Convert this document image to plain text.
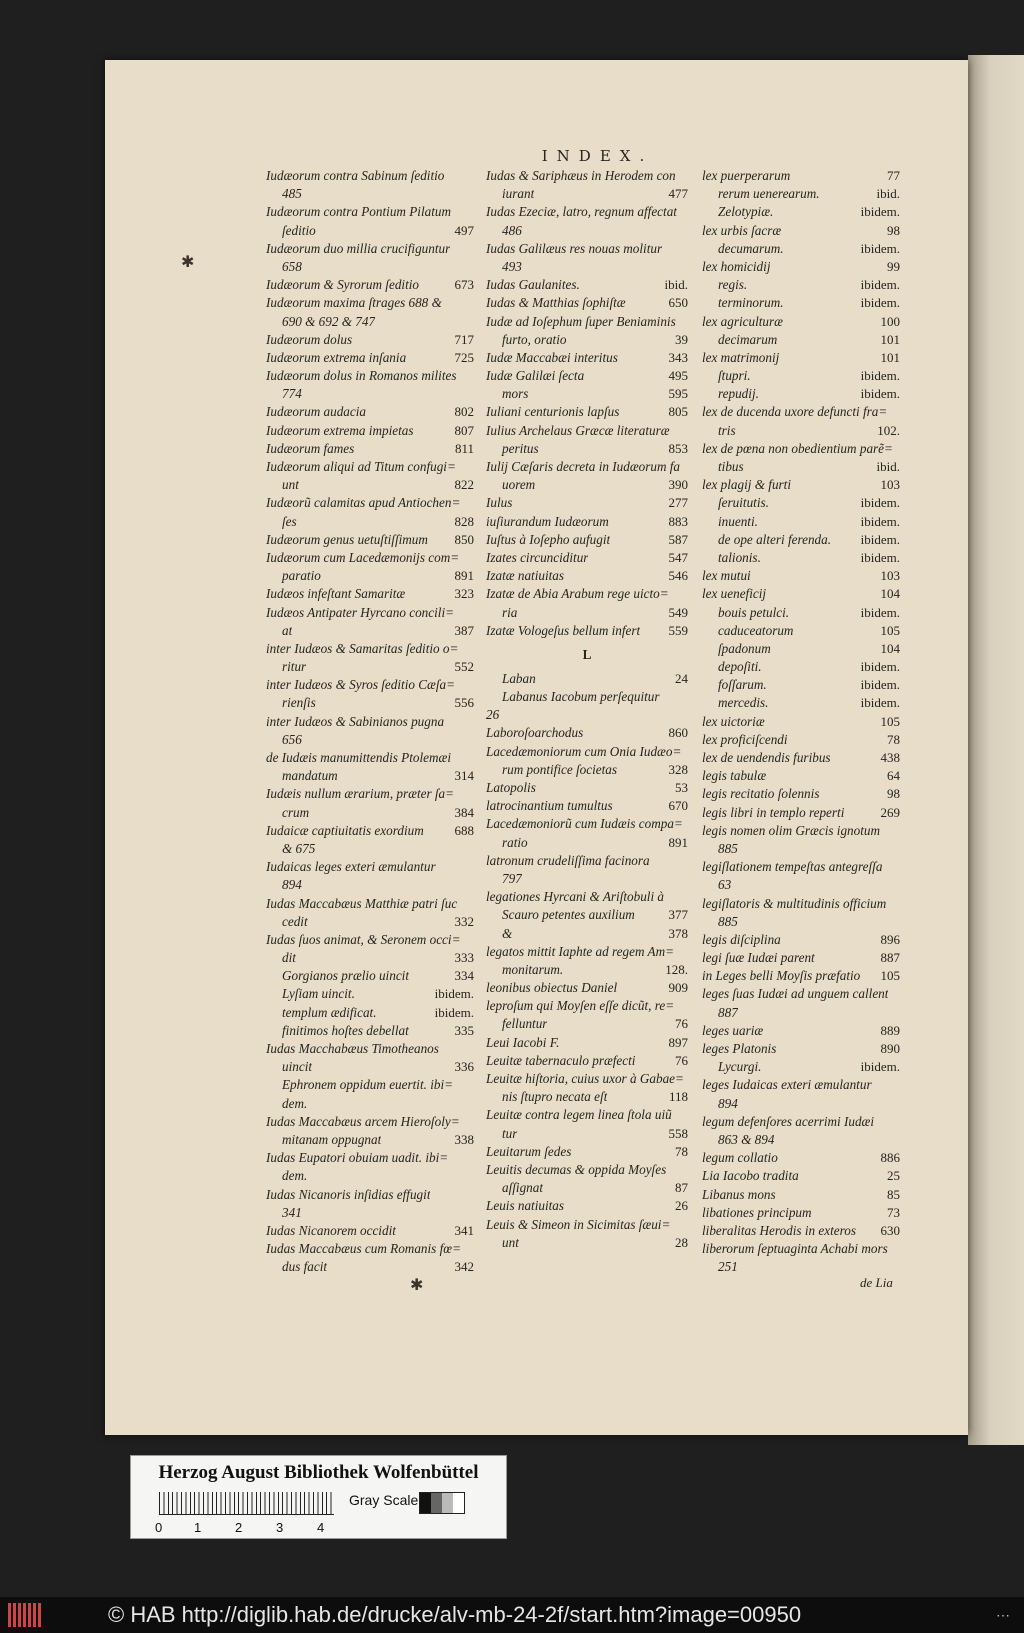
INDEX.
✱
✱
Iudæorum contra Sabinum ſeditio
485
Iudæorum contra Pontium Pilatum
ſeditio	497
Iudæorum duo millia crucifiguntur
658
Iudæorum & Syrorum ſeditio	673
Iudæorum maxima ſtrages 688 &
690 & 692 & 747
Iudæorum dolus	717
Iudæorum extrema inſania	725
Iudæorum dolus in Romanos milites
774
Iudæorum audacia	802
Iudæorum extrema impietas	807
Iudæorum fames	811
Iudæorum aliqui ad Titum confugi=
unt	822
Iudæorũ calamitas apud Antiochen=
ſes	828
Iudæorum genus uetuſtiſſimum	850
Iudæorum cum Lacedæmonijs com=
paratio	891
Iudæos infeſtant Samaritæ	323
Iudæos Antipater Hyrcano concili=
at	387
inter Iudæos & Samaritas ſeditio o=
ritur	552
inter Iudæos & Syros ſeditio Cæſa=
rienſis	556
inter Iudæos & Sabinianos pugna
656
de Iudæis manumittendis Ptolemæi
mandatum	314
Iudæis nullum ærarium, præter ſa=
crum	384
Iudaicæ captiuitatis exordium	688
& 675
Iudaicas leges exteri æmulantur
894
Iudas Maccabæus Matthiæ patri ſuc
cedit	332
Iudas ſuos animat, & Seronem occi=
dit	333
Gorgianos prælio uincit	334
Lyſiam uincit.	ibidem.
templum ædificat.	ibidem.
finitimos hoſtes debellat	335
Iudas Macchabæus Timotheanos
uincit	336
Ephronem oppidum euertit. ibi=
dem.
Iudas Maccabæus arcem Hieroſoly=
mitanam oppugnat	338
Iudas Eupatori obuiam uadit. ibi=
dem.
Iudas Nicanoris inſidias effugit
341
Iudas Nicanorem occidit	341
Iudas Maccabæus cum Romanis fœ=
dus facit	342
Iudas & Sariphæus in Herodem con
iurant	477
Iudas Ezeciæ, latro, regnum affectat
486
Iudas Galilæus res nouas molitur
493
Iudas Gaulanites.	ibid.
Iudas & Matthias ſophiſtæ	650
Iudæ ad Ioſephum ſuper Beniaminis
furto, oratio	39
Iudæ Maccabæi interitus	343
Iudæ Galilæi ſecta	495
mors	595
Iuliani centurionis lapſus	805
Iulius Archelaus Græcæ literaturæ
peritus	853
Iulij Cæſaris decreta in Iudæorum fa
uorem	390
Iulus	277
iuſiurandum Iudæorum	883
Iuſtus à Ioſepho aufugit	587
Izates circunciditur	547
Izatæ natiuitas	546
Izatæ de Abia Arabum rege uicto=
ria	549
Izatæ Vologeſus bellum infert	559
L
Laban	24
Labanus Iacobum perſequitur
26
Laboroſoarchodus	860
Lacedæmoniorum cum Onia Iudæo=
rum pontifice ſocietas	328
Latopolis	53
latrocinantium tumultus	670
Lacedæmoniorũ cum Iudæis compa=
ratio	891
latronum crudeliſſima facinora
797
legationes Hyrcani & Ariſtobuli à
Scauro petentes auxilium	377
&	378
legatos mittit Iaphte ad regem Am=
monitarum.	128.
leonibus obiectus Daniel	909
leproſum qui Moyſen eſſe dicũt, re=
felluntur	76
Leui Iacobi F.	897
Leuitæ tabernaculo præfecti	76
Leuitæ hiſtoria, cuius uxor à Gabae=
nis ſtupro necata eſt	118
Leuitæ contra legem linea ſtola uiũ
tur	558
Leuitarum ſedes	78
Leuitis decumas & oppida Moyſes
aſſignat	87
Leuis natiuitas	26
Leuis & Simeon in Sicimitas ſæui=
unt	28
lex puerperarum	77
rerum uenerearum.	ibid.
Zelotypiæ.	ibidem.
lex urbis ſacræ	98
decumarum.	ibidem.
lex homicidij	99
regis.	ibidem.
terminorum.	ibidem.
lex agriculturæ	100
decimarum	101
lex matrimonij	101
ſtupri.	ibidem.
repudij.	ibidem.
lex de ducenda uxore defuncti fra=
tris	102.
lex de pœna non obedientium parẽ=
tibus	ibid.
lex plagij & furti	103
ſeruitutis.	ibidem.
inuenti.	ibidem.
de ope alteri ferenda.	ibidem.
talionis.	ibidem.
lex mutui	103
lex ueneficij	104
bouis petulci.	ibidem.
caduceatorum	105
ſpadonum	104
depoſiti.	ibidem.
foſſarum.	ibidem.
mercedis.	ibidem.
lex uictoriæ	105
lex proficiſcendi	78
lex de uendendis furibus	438
legis tabulæ	64
legis recitatio ſolennis	98
legis libri in templo reperti	269
legis nomen olim Græcis ignotum
885
legiſlationem tempeſtas antegreſſa
63
legiſlatoris & multitudinis officium
885
legis diſciplina	896
legi ſuæ Iudæi parent	887
in Leges belli Moyſis præfatio	105
leges ſuas Iudæi ad unguem callent
887
leges uariæ	889
leges Platonis	890
Lycurgi.	ibidem.
leges Iudaicas exteri æmulantur
894
legum defenſores acerrimi Iudæi
863 & 894
legum collatio	886
Lia Iacobo tradita	25
Libanus mons	85
libationes principum	73
liberalitas Herodis in exteros	630
liberorum ſeptuaginta Achabi mors
251
de Lia
Herzog August Bibliothek Wolfenbüttel
0 1	2	3	4
Gray Scale
© HAB http://diglib.hab.de/drucke/alv-mb-24-2f/start.htm?image=00950	⋯
